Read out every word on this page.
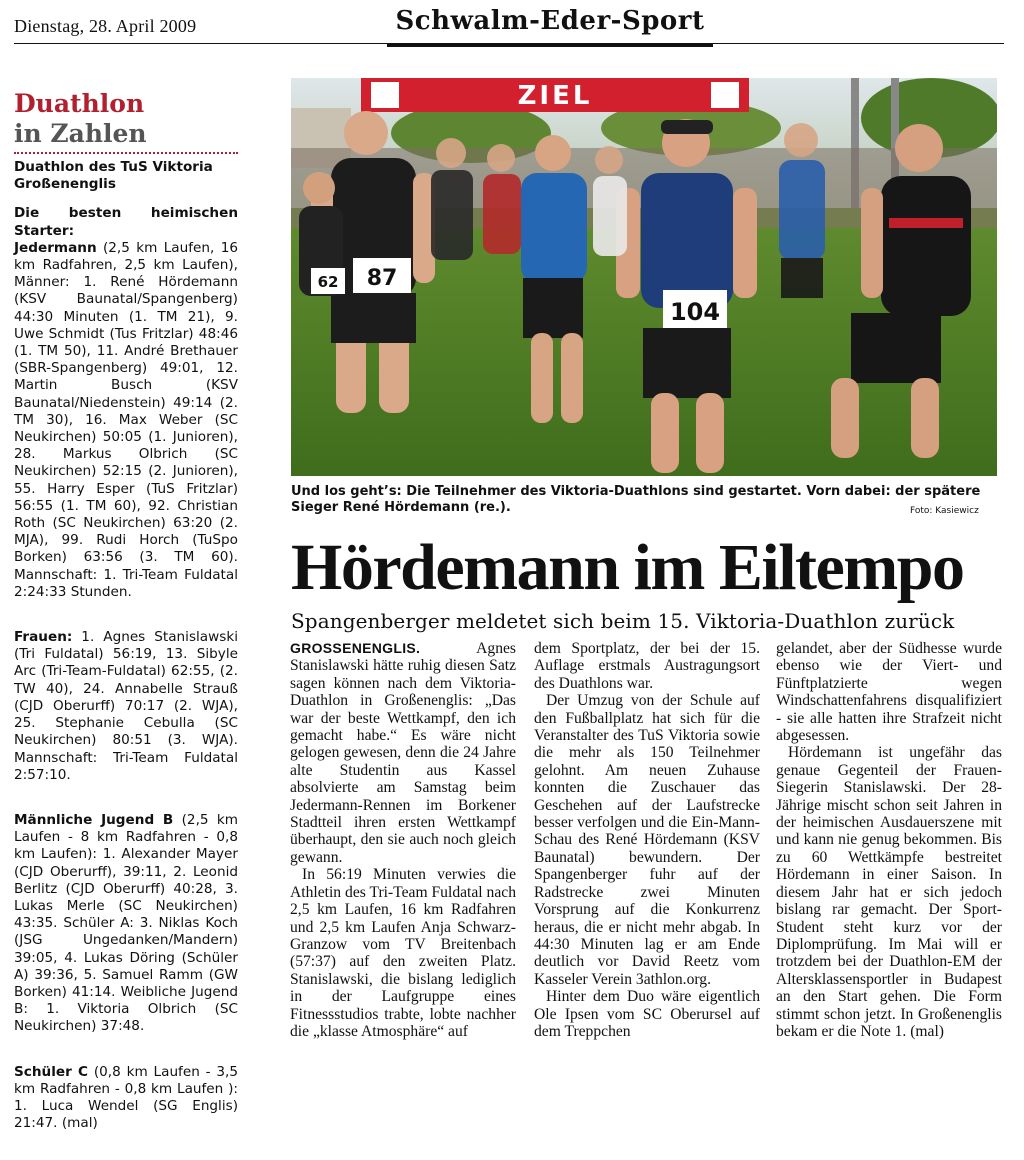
Dienstag, 28. April 2009	Schwalm-Eder-Sport
Duathlon
in Zahlen
Duathlon des TuS Viktoria Großenenglis

Die besten heimischen Starter:
Jedermann (2,5 km Laufen, 16 km Radfahren, 2,5 km Laufen), Männer: 1. René Hördemann (KSV Baunatal/Spangenberg) 44:30 Minuten (1. TM 21), 9. Uwe Schmidt (Tus Fritzlar) 48:46 (1. TM 50), 11. André Brethauer (SBR-Spangenberg) 49:01, 12. Martin Busch (KSV Baunatal/Niedenstein) 49:14 (2. TM 30), 16. Max Weber (SC Neukirchen) 50:05 (1. Junioren), 28. Markus Olbrich (SC Neukirchen) 52:15 (2. Junioren), 55. Harry Esper (TuS Fritzlar) 56:55 (1. TM 60), 92. Christian Roth (SC Neukirchen) 63:20 (2. MJA), 99. Rudi Horch (TuSpo Borken) 63:56 (3. TM 60). Mannschaft: 1. Tri-Team Fuldatal 2:24:33 Stunden.

Frauen: 1. Agnes Stanislawski (Tri Fuldatal) 56:19, 13. Sibyle Arc (Tri-Team-Fuldatal) 62:55, (2. TW 40), 24. Annabelle Strauß (CJD Oberurff) 70:17 (2. WJA), 25. Stephanie Cebulla (SC Neukirchen) 80:51 (3. WJA). Mannschaft: Tri-Team Fuldatal 2:57:10.

Männliche Jugend B (2,5 km Laufen - 8 km Radfahren - 0,8 km Laufen): 1. Alexander Mayer (CJD Oberurff), 39:11, 2. Leonid Berlitz (CJD Oberurff) 40:28, 3. Lukas Merle (SC Neukirchen) 43:35. Schüler A: 3. Niklas Koch (JSG Ungedanken/Mandern) 39:05, 4. Lukas Döring (Schüler A) 39:36, 5. Samuel Ramm (GW Borken) 41:14. Weibliche Jugend B: 1. Viktoria Olbrich (SC Neukirchen) 37:48.

Schüler C (0,8 km Laufen - 3,5 km Radfahren - 0,8 km Laufen ): 1. Luca Wendel (SG Englis) 21:47. (mal)

ZIEL
87
62
104
Und los geht’s: Die Teilnehmer des Viktoria-Duathlons sind gestartet. Vorn dabei: der spätere Sieger René Hördemann (re.).	Foto: Kasiewicz
Hördemann im Eiltempo
Spangenberger meldetet sich beim 15. Viktoria-Duathlon zurück

GROSSENENGLIS. Agnes Stanislawski hätte ruhig diesen Satz sagen können nach dem Viktoria-Duathlon in Großenenglis: „Das war der beste Wettkampf, den ich gemacht habe.“ Es wäre nicht gelogen gewesen, denn die 24 Jahre alte Studentin aus Kassel absolvierte am Samstag beim Jedermann-Rennen im Borkener Stadtteil ihren ersten Wettkampf überhaupt, den sie auch noch gleich gewann.

In 56:19 Minuten verwies die Athletin des Tri-Team Fuldatal nach 2,5 km Laufen, 16 km Radfahren und 2,5 km Laufen Anja Schwarz-Granzow vom TV Breitenbach (57:37) auf den zweiten Platz. Stanislawski, die bislang lediglich in der Laufgruppe eines Fitnessstudios trabte, lobte nachher die „klasse Atmosphäre“ auf

dem Sportplatz, der bei der 15. Auflage erstmals Austragungsort des Duathlons war.

Der Umzug von der Schule auf den Fußballplatz hat sich für die Veranstalter des TuS Viktoria sowie die mehr als 150 Teilnehmer gelohnt. Am neuen Zuhause konnten die Zuschauer das Geschehen auf der Laufstrecke besser verfolgen und die Ein-Mann-Schau des René Hördemann (KSV Baunatal) bewundern. Der Spangenberger fuhr auf der Radstrecke zwei Minuten Vorsprung auf die Konkurrenz heraus, die er nicht mehr abgab. In 44:30 Minuten lag er am Ende deutlich vor David Reetz vom Kasseler Verein 3athlon.org.

Hinter dem Duo wäre eigentlich Ole Ipsen vom SC Oberursel auf dem Treppchen

gelandet, aber der Südhesse wurde ebenso wie der Viert- und Fünftplatzierte wegen Windschattenfahrens disqualifiziert - sie alle hatten ihre Strafzeit nicht abgesessen.

Hördemann ist ungefähr das genaue Gegenteil der Frauen-Siegerin Stanislawski. Der 28-Jährige mischt schon seit Jahren in der heimischen Ausdauerszene mit und kann nie genug bekommen. Bis zu 60 Wettkämpfe bestreitet Hördemann in einer Saison. In diesem Jahr hat er sich jedoch bislang rar gemacht. Der Sport-Student steht kurz vor der Diplomprüfung. Im Mai will er trotzdem bei der Duathlon-EM der Altersklassensportler in Budapest an den Start gehen. Die Form stimmt schon jetzt. In Großenenglis bekam er die Note 1. (mal)
